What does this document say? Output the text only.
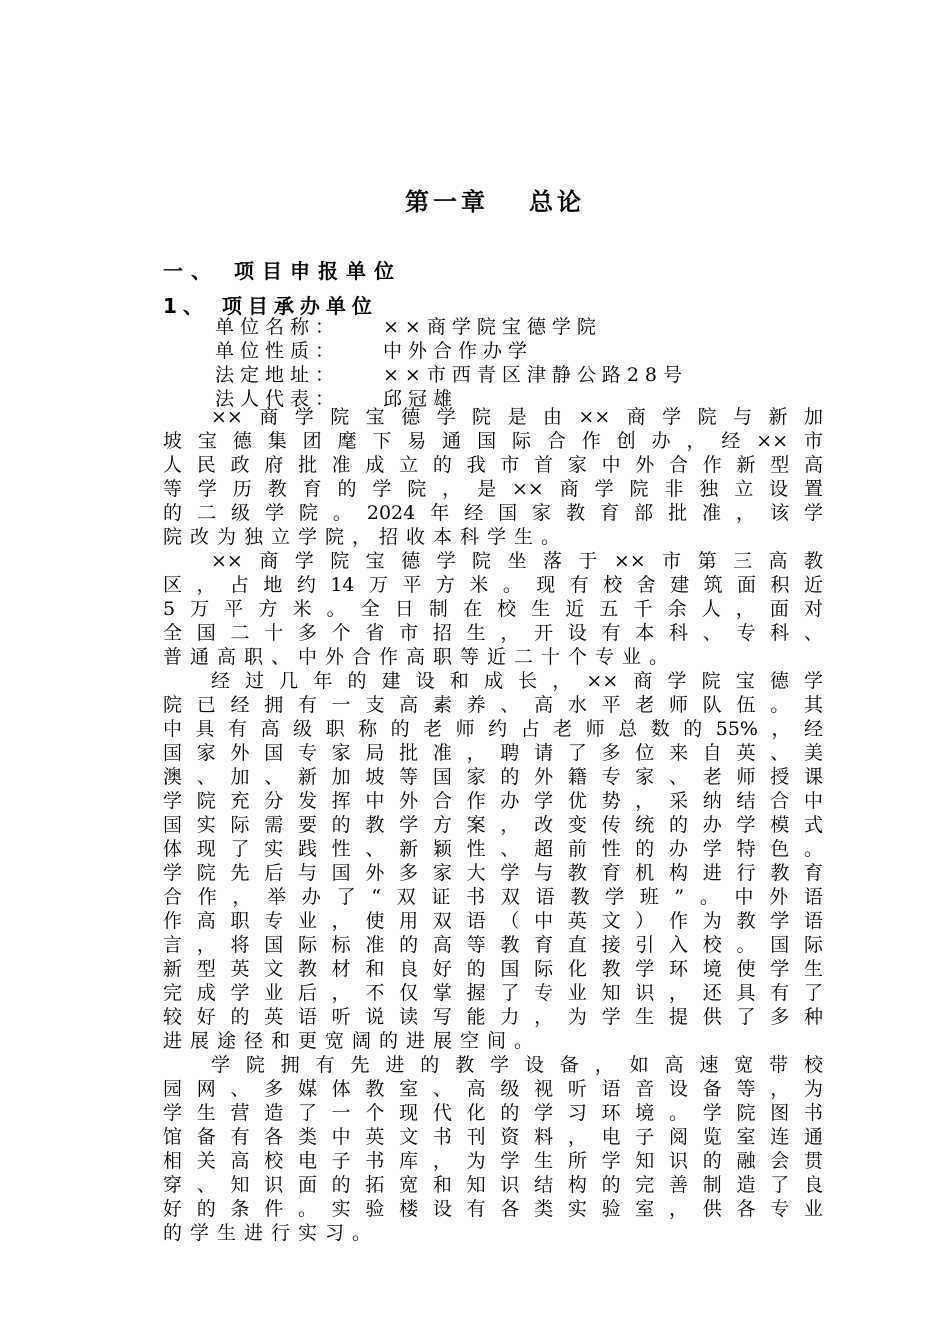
第一章 总论
一、 项目申报单位
1、 项目承办单位
单位名称： ××商学院宝德学院
单位性质： 中外合作办学
法定地址： ××市西青区津静公路28号
法人代表： 邱冠雄
××商学院宝德学院是由××商学院与新加
坡宝德集团麾下易通国际合作创办，经××市
人民政府批准成立的我市首家中外合作新型高
等学历教育的学院，是××商学院非独立设置
的二级学院。2024年经国家教育部批准，该学
院改为独立学院，招收本科学生。
××商学院宝德学院坐落于××市第三高教
区，占地约14万平方米。现有校舍建筑面积近
5万平方米。全日制在校生近五千余人，面对
全国二十多个省市招生，开设有本科、专科、
普通高职、中外合作高职等近二十个专业。
经过几年的建设和成长，××商学院宝德学
院已经拥有一支高素养、高水平老师队伍。其
中具有高级职称的老师约占老师总数的55%，经
国家外国专家局批准，聘请了多位来自英、美
澳、加、新加坡等国家的外籍专家、老师授课
学院充分发挥中外合作办学优势，采纳结合中
国实际需要的教学方案，改变传统的办学模式
体现了实践性、新颖性、超前性的办学特色。
学院先后与国外多家大学与教育机构进行教育
合作，举办了“双证书双语教学班”。中外语
作高职专业，使用双语（中英文）作为教学语
言，将国际标准的高等教育直接引入校。国际
新型英文教材和良好的国际化教学环境使学生
完成学业后，不仅掌握了专业知识，还具有了
较好的英语听说读写能力，为学生提供了多种
进展途径和更宽阔的进展空间。
学院拥有先进的教学设备，如高速宽带校
园网、多媒体教室、高级视听语音设备等，为
学生营造了一个现代化的学习环境。学院图书
馆备有各类中英文书刊资料，电子阅览室连通
相关高校电子书库，为学生所学知识的融会贯
穿、知识面的拓宽和知识结构的完善制造了良
好的条件。实验楼设有各类实验室，供各专业
的学生进行实习。
